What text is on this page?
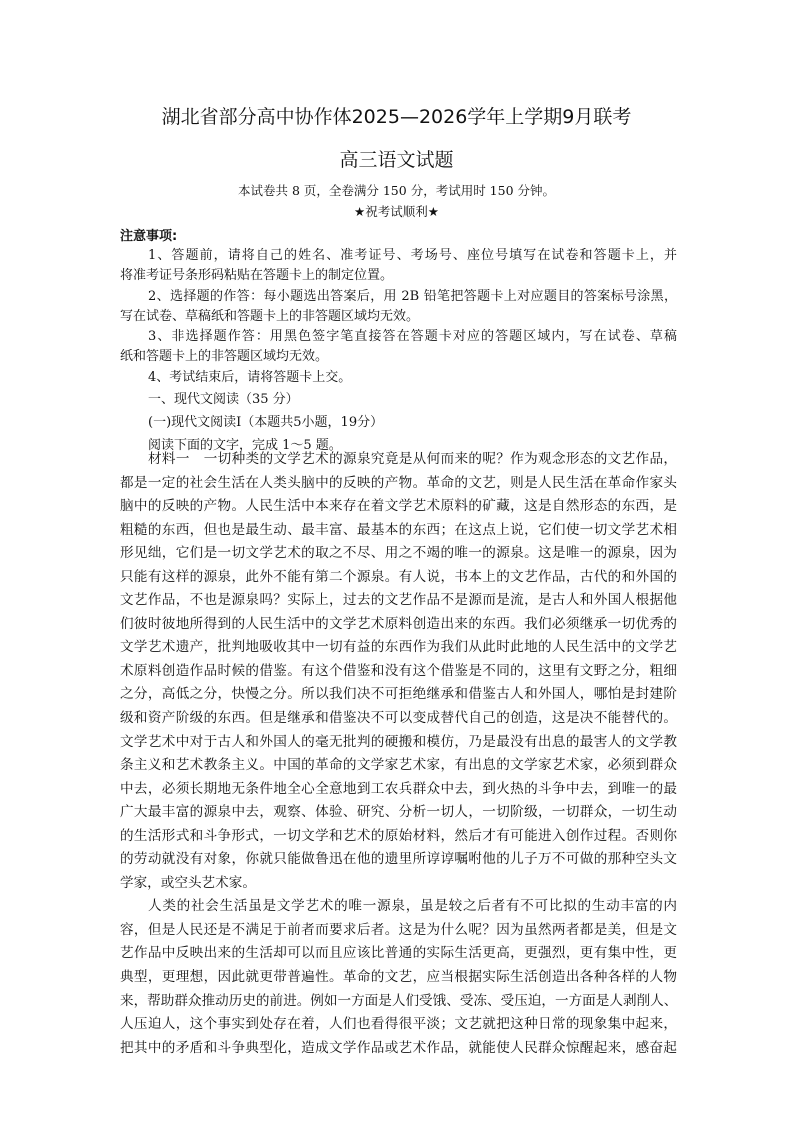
湖北省部分高中协作体2025—2026学年上学期9月联考
高三语文试题
本试卷共 8 页，全卷满分 150 分，考试用时 150 分钟。
★祝考试顺利★
注意事项:
1、答题前，请将自己的姓名、准考证号、考场号、座位号填写在试卷和答题卡上，并
将准考证号条形码粘贴在答题卡上的制定位置。
2、选择题的作答：每小题选出答案后，用 2B 铅笔把答题卡上对应题目的答案标号涂黑，
写在试卷、草稿纸和答题卡上的非答题区域均无效。
3、非选择题作答：用黑色签字笔直接答在答题卡对应的答题区域内，写在试卷、草稿
纸和答题卡上的非答题区域均无效。
4、考试结束后，请将答题卡上交。
一、现代文阅读（35 分）
(一)现代文阅读Ⅰ（本题共5小题，19分）
阅读下面的文字，完成 1～5 题。
材料一　一切种类的文学艺术的源泉究竟是从何而来的呢？作为观念形态的文艺作品，
都是一定的社会生活在人类头脑中的反映的产物。革命的文艺，则是人民生活在革命作家头
脑中的反映的产物。人民生活中本来存在着文学艺术原料的矿藏，这是自然形态的东西，是
粗糙的东西，但也是最生动、最丰富、最基本的东西；在这点上说，它们使一切文学艺术相
形见绌，它们是一切文学艺术的取之不尽、用之不竭的唯一的源泉。这是唯一的源泉，因为
只能有这样的源泉，此外不能有第二个源泉。有人说，书本上的文艺作品，古代的和外国的
文艺作品，不也是源泉吗？实际上，过去的文艺作品不是源而是流，是古人和外国人根据他
们彼时彼地所得到的人民生活中的文学艺术原料创造出来的东西。我们必须继承一切优秀的
文学艺术遗产，批判地吸收其中一切有益的东西作为我们从此时此地的人民生活中的文学艺
术原料创造作品时候的借鉴。有这个借鉴和没有这个借鉴是不同的，这里有文野之分，粗细
之分，高低之分，快慢之分。所以我们决不可拒绝继承和借鉴古人和外国人，哪怕是封建阶
级和资产阶级的东西。但是继承和借鉴决不可以变成替代自己的创造，这是决不能替代的。
文学艺术中对于古人和外国人的毫无批判的硬搬和模仿，乃是最没有出息的最害人的文学教
条主义和艺术教条主义。中国的革命的文学家艺术家，有出息的文学家艺术家，必须到群众
中去，必须长期地无条件地全心全意地到工农兵群众中去，到火热的斗争中去，到唯一的最
广大最丰富的源泉中去，观察、体验、研究、分析一切人，一切阶级，一切群众，一切生动
的生活形式和斗争形式，一切文学和艺术的原始材料，然后才有可能进入创作过程。否则你
的劳动就没有对象，你就只能做鲁迅在他的遗里所谆谆嘱咐他的儿子万不可做的那种空头文
学家，或空头艺术家。
人类的社会生活虽是文学艺术的唯一源泉，虽是较之后者有不可比拟的生动丰富的内
容，但是人民还是不满足于前者而要求后者。这是为什么呢？因为虽然两者都是美，但是文
艺作品中反映出来的生活却可以而且应该比普通的实际生活更高，更强烈，更有集中性，更
典型，更理想，因此就更带普遍性。革命的文艺，应当根据实际生活创造出各种各样的人物
来，帮助群众推动历史的前进。例如一方面是人们受饿、受冻、受压迫，一方面是人剥削人、
人压迫人，这个事实到处存在着，人们也看得很平淡；文艺就把这种日常的现象集中起来，
把其中的矛盾和斗争典型化，造成文学作品或艺术作品，就能使人民群众惊醒起来，感奋起
